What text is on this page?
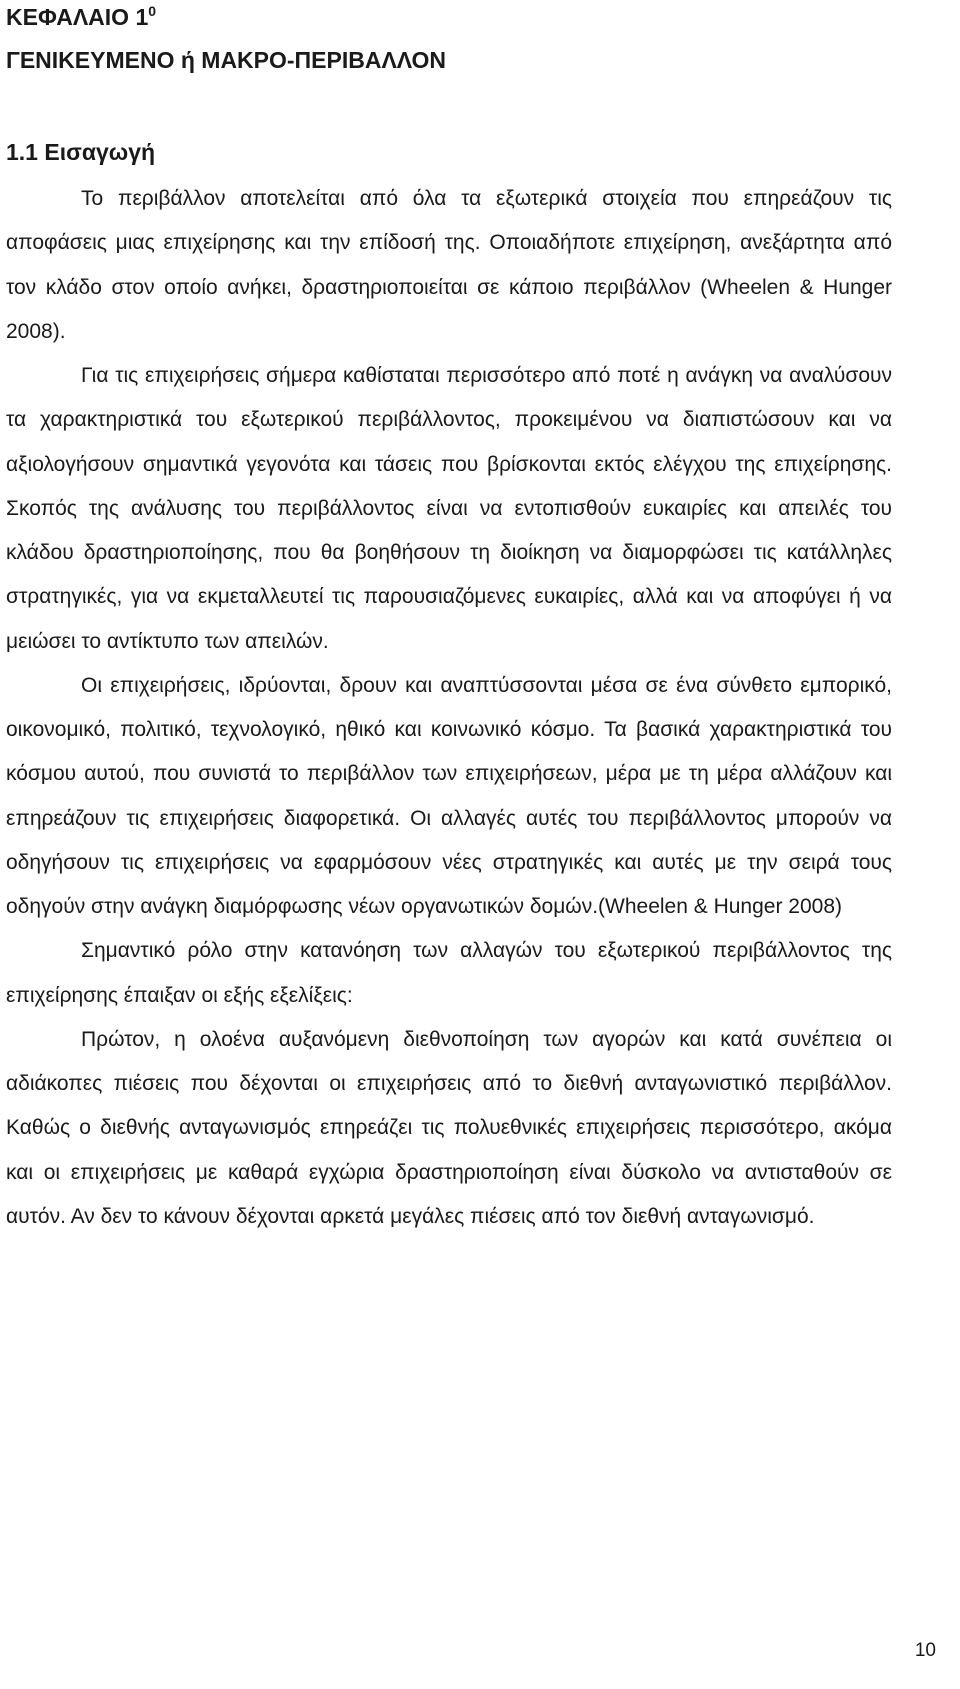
ΚΕΦΑΛΑΙΟ $1^0$
ΓΕΝΙΚΕΥΜΕΝΟ ή ΜΑΚΡΟ-ΠΕΡΙΒΑΛΛΟΝ
1.1 Εισαγωγή

Το περιβάλλον αποτελείται από όλα τα εξωτερικά στοιχεία που επηρεάζουν τις αποφάσεις μιας επιχείρησης και την επίδοσή της. Οποιαδήποτε επιχείρηση, ανεξάρτητα από τον κλάδο στον οποίο ανήκει, δραστηριοποιείται σε κάποιο περιβάλλον (Wheelen & Hunger 2008).

Για τις επιχειρήσεις σήμερα καθίσταται περισσότερο από ποτέ η ανάγκη να αναλύσουν τα χαρακτηριστικά του εξωτερικού περιβάλλοντος, προκειμένου να διαπιστώσουν και να αξιολογήσουν σημαντικά γεγονότα και τάσεις που βρίσκονται εκτός ελέγχου της επιχείρησης. Σκοπός της ανάλυσης του περιβάλλοντος είναι να εντοπισθούν ευκαιρίες και απειλές του κλάδου δραστηριοποίησης, που θα βοηθήσουν τη διοίκηση να διαμορφώσει τις κατάλληλες στρατηγικές, για να εκμεταλλευτεί τις παρουσιαζόμενες ευκαιρίες, αλλά και να αποφύγει ή να μειώσει το αντίκτυπο των απειλών.

Οι επιχειρήσεις, ιδρύονται, δρουν και αναπτύσσονται μέσα σε ένα σύνθετο εμπορικό, οικονομικό, πολιτικό, τεχνολογικό, ηθικό και κοινωνικό κόσμο. Τα βασικά χαρακτηριστικά του κόσμου αυτού, που συνιστά το περιβάλλον των επιχειρήσεων, μέρα με τη μέρα αλλάζουν και επηρεάζουν τις επιχειρήσεις διαφορετικά. Οι αλλαγές αυτές του περιβάλλοντος μπορούν να οδηγήσουν τις επιχειρήσεις να εφαρμόσουν νέες στρατηγικές και αυτές με την σειρά τους οδηγούν στην ανάγκη διαμόρφωσης νέων οργανωτικών δομών.(Wheelen & Hunger 2008)

Σημαντικό ρόλο στην κατανόηση των αλλαγών του εξωτερικού περιβάλλοντος της επιχείρησης έπαιξαν οι εξής εξελίξεις:

Πρώτον, η ολοένα αυξανόμενη διεθνοποίηση των αγορών και κατά συνέπεια οι αδιάκοπες πιέσεις που δέχονται οι επιχειρήσεις από το διεθνή ανταγωνιστικό περιβάλλον. Καθώς ο διεθνής ανταγωνισμός επηρεάζει τις πολυεθνικές επιχειρήσεις περισσότερο, ακόμα και οι επιχειρήσεις με καθαρά εγχώρια δραστηριοποίηση είναι δύσκολο να αντισταθούν σε αυτόν. Αν δεν το κάνουν δέχονται αρκετά μεγάλες πιέσεις από τον διεθνή ανταγωνισμό.

10
